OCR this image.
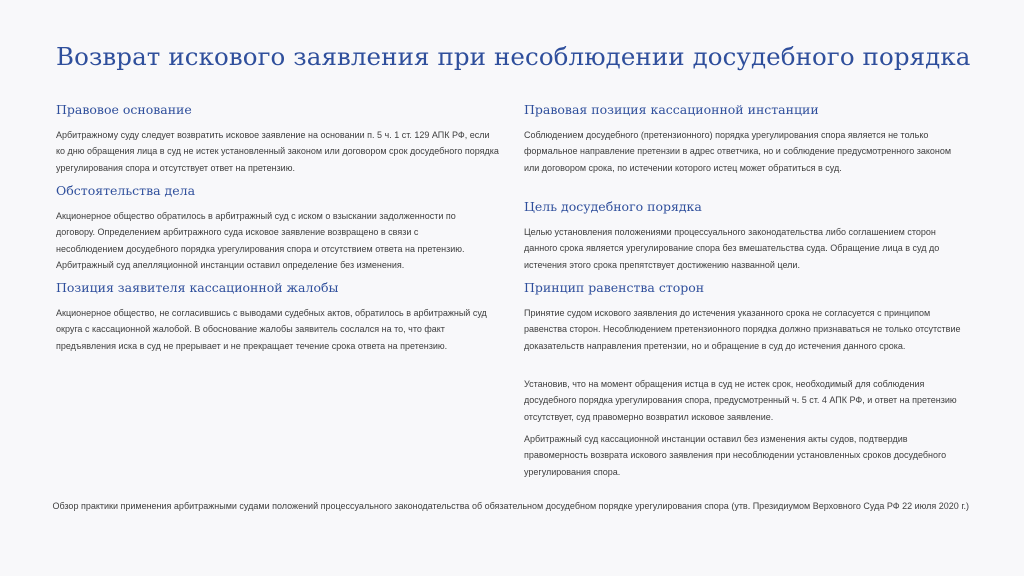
Возврат искового заявления при несоблюдении досудебного порядка
Правовое основание

Арбитражному суду следует возвратить исковое заявление на основании п. 5 ч. 1 ст. 129 АПК РФ, если ко дню обращения лица в суд не истек установленный законом или договором срок досудебного порядка урегулирования спора и отсутствует ответ на претензию.

Обстоятельства дела

Акционерное общество обратилось в арбитражный суд с иском о взыскании задолженности по договору. Определением арбитражного суда исковое заявление возвращено в связи с несоблюдением досудебного порядка урегулирования спора и отсутствием ответа на претензию. Арбитражный суд апелляционной инстанции оставил определение без изменения.

Позиция заявителя кассационной жалобы

Акционерное общество, не согласившись с выводами судебных актов, обратилось в арбитражный суд округа с кассационной жалобой. В обоснование жалобы заявитель сослался на то, что факт предъявления иска в суд не прерывает и не прекращает течение срока ответа на претензию.

Правовая позиция кассационной инстанции

Соблюдением досудебного (претензионного) порядка урегулирования спора является не только формальное направление претензии в адрес ответчика, но и соблюдение предусмотренного законом или договором срока, по истечении которого истец может обратиться в суд.

Цель досудебного порядка

Целью установления положениями процессуального законодательства либо соглашением сторон данного срока является урегулирование спора без вмешательства суда. Обращение лица в суд до истечения этого срока препятствует достижению названной цели.

Принцип равенства сторон

Принятие судом искового заявления до истечения указанного срока не согласуется с принципом равенства сторон. Несоблюдением претензионного порядка должно признаваться не только отсутствие доказательств направления претензии, но и обращение в суд до истечения данного срока.

Установив, что на момент обращения истца в суд не истек срок, необходимый для соблюдения досудебного порядка урегулирования спора, предусмотренный ч. 5 ст. 4 АПК РФ, и ответ на претензию отсутствует, суд правомерно возвратил исковое заявление.

Арбитражный суд кассационной инстанции оставил без изменения акты судов, подтвердив правомерность возврата искового заявления при несоблюдении установленных сроков досудебного урегулирования спора.

Обзор практики применения арбитражными судами положений процессуального законодательства об обязательном досудебном порядке урегулирования спора (утв. Президиумом Верховного Суда РФ 22 июля 2020 г.)
